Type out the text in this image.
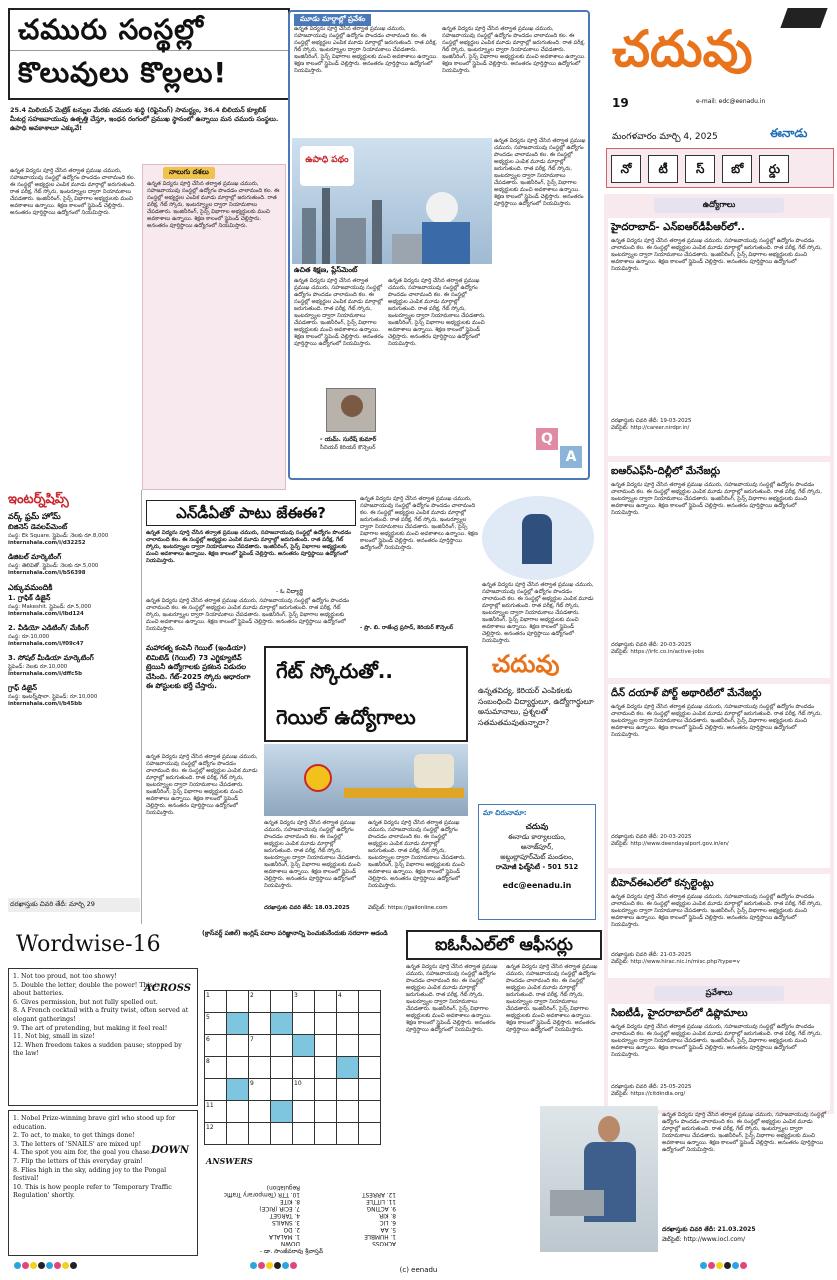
చమురు సంస్థల్లో
కొలువులు కొల్లలు!
25.4 మిలియన్ మెట్రిక్ టన్నుల మేరకు చమురు శుద్ధి (రిఫైనింగ్) సామర్థ్యం, 36.4 బిలియన్ క్యూబిక్ మీటర్ల సహజవాయువు ఉత్పత్తి చేస్తూ, ఇంధన రంగంలో ప్రముఖ స్థానంలో ఉన్నాయి మన చమురు సంస్థలు. ఉపాధి అవకాశాలూ ఎక్కువే!
ఉన్నత విద్యను పూర్తి చేసిన తర్వాత ప్రముఖ చమురు, సహజవాయువు సంస్థల్లో ఉద్యోగం పొందడం చాలామంది కల. ఈ సంస్థల్లో అభ్యర్థుల ఎంపిక మూడు మార్గాల్లో జరుగుతుంది. రాత పరీక్ష, గేట్ స్కోరు, ఇంటర్వ్యూల ద్వారా నియామకాలు చేపడతారు. ఇంజినీరింగ్, సైన్స్ విభాగాల అభ్యర్థులకు మంచి అవకాశాలు ఉన్నాయి. శిక్షణ కాలంలో స్టైపెండ్ చెల్లిస్తారు. అనంతరం పూర్తిస్థాయి ఉద్యోగంలో నియమిస్తారు.
నాలుగు దశలు
ఉన్నత విద్యను పూర్తి చేసిన తర్వాత ప్రముఖ చమురు, సహజవాయువు సంస్థల్లో ఉద్యోగం పొందడం చాలామంది కల. ఈ సంస్థల్లో అభ్యర్థుల ఎంపిక మూడు మార్గాల్లో జరుగుతుంది. రాత పరీక్ష, గేట్ స్కోరు, ఇంటర్వ్యూల ద్వారా నియామకాలు చేపడతారు. ఇంజినీరింగ్, సైన్స్ విభాగాల అభ్యర్థులకు మంచి అవకాశాలు ఉన్నాయి. శిక్షణ కాలంలో స్టైపెండ్ చెల్లిస్తారు. అనంతరం పూర్తిస్థాయి ఉద్యోగంలో నియమిస్తారు.
మూడు మార్గాల్లో ప్రవేశం
ఉన్నత విద్యను పూర్తి చేసిన తర్వాత ప్రముఖ చమురు, సహజవాయువు సంస్థల్లో ఉద్యోగం పొందడం చాలామంది కల. ఈ సంస్థల్లో అభ్యర్థుల ఎంపిక మూడు మార్గాల్లో జరుగుతుంది. రాత పరీక్ష, గేట్ స్కోరు, ఇంటర్వ్యూల ద్వారా నియామకాలు చేపడతారు. ఇంజినీరింగ్, సైన్స్ విభాగాల అభ్యర్థులకు మంచి అవకాశాలు ఉన్నాయి. శిక్షణ కాలంలో స్టైపెండ్ చెల్లిస్తారు. అనంతరం పూర్తిస్థాయి ఉద్యోగంలో నియమిస్తారు.
ఉన్నత విద్యను పూర్తి చేసిన తర్వాత ప్రముఖ చమురు, సహజవాయువు సంస్థల్లో ఉద్యోగం పొందడం చాలామంది కల. ఈ సంస్థల్లో అభ్యర్థుల ఎంపిక మూడు మార్గాల్లో జరుగుతుంది. రాత పరీక్ష, గేట్ స్కోరు, ఇంటర్వ్యూల ద్వారా నియామకాలు చేపడతారు. ఇంజినీరింగ్, సైన్స్ విభాగాల అభ్యర్థులకు మంచి అవకాశాలు ఉన్నాయి. శిక్షణ కాలంలో స్టైపెండ్ చెల్లిస్తారు. అనంతరం పూర్తిస్థాయి ఉద్యోగంలో నియమిస్తారు.
ఉపాధి పథం
ఉచిత శిక్షణ, ప్లేస్‌మెంట్
ఉన్నత విద్యను పూర్తి చేసిన తర్వాత ప్రముఖ చమురు, సహజవాయువు సంస్థల్లో ఉద్యోగం పొందడం చాలామంది కల. ఈ సంస్థల్లో అభ్యర్థుల ఎంపిక మూడు మార్గాల్లో జరుగుతుంది. రాత పరీక్ష, గేట్ స్కోరు, ఇంటర్వ్యూల ద్వారా నియామకాలు చేపడతారు. ఇంజినీరింగ్, సైన్స్ విభాగాల అభ్యర్థులకు మంచి అవకాశాలు ఉన్నాయి. శిక్షణ కాలంలో స్టైపెండ్ చెల్లిస్తారు. అనంతరం పూర్తిస్థాయి ఉద్యోగంలో నియమిస్తారు.
- యమ్. సురేష్ కుమార్
సీనియర్ కెరియర్ కౌన్సెలర్
ఉన్నత విద్యను పూర్తి చేసిన తర్వాత ప్రముఖ చమురు, సహజవాయువు సంస్థల్లో ఉద్యోగం పొందడం చాలామంది కల. ఈ సంస్థల్లో అభ్యర్థుల ఎంపిక మూడు మార్గాల్లో జరుగుతుంది. రాత పరీక్ష, గేట్ స్కోరు, ఇంటర్వ్యూల ద్వారా నియామకాలు చేపడతారు. ఇంజినీరింగ్, సైన్స్ విభాగాల అభ్యర్థులకు మంచి అవకాశాలు ఉన్నాయి. శిక్షణ కాలంలో స్టైపెండ్ చెల్లిస్తారు. అనంతరం పూర్తిస్థాయి ఉద్యోగంలో నియమిస్తారు.
ఉన్నత విద్యను పూర్తి చేసిన తర్వాత ప్రముఖ చమురు, సహజవాయువు సంస్థల్లో ఉద్యోగం పొందడం చాలామంది కల. ఈ సంస్థల్లో అభ్యర్థుల ఎంపిక మూడు మార్గాల్లో జరుగుతుంది. రాత పరీక్ష, గేట్ స్కోరు, ఇంటర్వ్యూల ద్వారా నియామకాలు చేపడతారు. ఇంజినీరింగ్, సైన్స్ విభాగాల అభ్యర్థులకు మంచి అవకాశాలు ఉన్నాయి. శిక్షణ కాలంలో స్టైపెండ్ చెల్లిస్తారు. అనంతరం పూర్తిస్థాయి ఉద్యోగంలో నియమిస్తారు.
Q
A
చదువు
19	e-mail: edc@eenadu.in
మంగళవారం మార్చి 4, 2025	ఈనాడు
నో టీ స్ బో ర్డు
ఉద్యోగాలు
హైదరాబాద్- ఎన్‌ఐఆర్‌డీపీఆర్‌లో..
ఉన్నత విద్యను పూర్తి చేసిన తర్వాత ప్రముఖ చమురు, సహజవాయువు సంస్థల్లో ఉద్యోగం పొందడం చాలామంది కల. ఈ సంస్థల్లో అభ్యర్థుల ఎంపిక మూడు మార్గాల్లో జరుగుతుంది. రాత పరీక్ష, గేట్ స్కోరు, ఇంటర్వ్యూల ద్వారా నియామకాలు చేపడతారు. ఇంజినీరింగ్, సైన్స్ విభాగాల అభ్యర్థులకు మంచి అవకాశాలు ఉన్నాయి. శిక్షణ కాలంలో స్టైపెండ్ చెల్లిస్తారు. అనంతరం పూర్తిస్థాయి ఉద్యోగంలో నియమిస్తారు.
దరఖాస్తుకు చివరి తేదీ: 19-03-2025
వెబ్‌సైట్: http://career.nirdpr.in/
ఐఆర్‌ఎఫ్‌సీ-దిల్లీలో మేనేజర్లు
ఉన్నత విద్యను పూర్తి చేసిన తర్వాత ప్రముఖ చమురు, సహజవాయువు సంస్థల్లో ఉద్యోగం పొందడం చాలామంది కల. ఈ సంస్థల్లో అభ్యర్థుల ఎంపిక మూడు మార్గాల్లో జరుగుతుంది. రాత పరీక్ష, గేట్ స్కోరు, ఇంటర్వ్యూల ద్వారా నియామకాలు చేపడతారు. ఇంజినీరింగ్, సైన్స్ విభాగాల అభ్యర్థులకు మంచి అవకాశాలు ఉన్నాయి. శిక్షణ కాలంలో స్టైపెండ్ చెల్లిస్తారు. అనంతరం పూర్తిస్థాయి ఉద్యోగంలో నియమిస్తారు.
దరఖాస్తుకు చివరి తేదీ: 20-03-2025
వెబ్‌సైట్: https://irfc.co.in/active-jobs
దీన్ దయాళ్ పోర్ట్ అథారిటీలో మేనేజర్లు
ఉన్నత విద్యను పూర్తి చేసిన తర్వాత ప్రముఖ చమురు, సహజవాయువు సంస్థల్లో ఉద్యోగం పొందడం చాలామంది కల. ఈ సంస్థల్లో అభ్యర్థుల ఎంపిక మూడు మార్గాల్లో జరుగుతుంది. రాత పరీక్ష, గేట్ స్కోరు, ఇంటర్వ్యూల ద్వారా నియామకాలు చేపడతారు. ఇంజినీరింగ్, సైన్స్ విభాగాల అభ్యర్థులకు మంచి అవకాశాలు ఉన్నాయి. శిక్షణ కాలంలో స్టైపెండ్ చెల్లిస్తారు. అనంతరం పూర్తిస్థాయి ఉద్యోగంలో నియమిస్తారు.
దరఖాస్తుకు చివరి తేదీ: 20-03-2025
వెబ్‌సైట్: http://www.deendayalport.gov.in/en/
బీహెచ్‌ఈఎల్‌లో కన్సల్టెంట్లు
ఉన్నత విద్యను పూర్తి చేసిన తర్వాత ప్రముఖ చమురు, సహజవాయువు సంస్థల్లో ఉద్యోగం పొందడం చాలామంది కల. ఈ సంస్థల్లో అభ్యర్థుల ఎంపిక మూడు మార్గాల్లో జరుగుతుంది. రాత పరీక్ష, గేట్ స్కోరు, ఇంటర్వ్యూల ద్వారా నియామకాలు చేపడతారు. ఇంజినీరింగ్, సైన్స్ విభాగాల అభ్యర్థులకు మంచి అవకాశాలు ఉన్నాయి. శిక్షణ కాలంలో స్టైపెండ్ చెల్లిస్తారు. అనంతరం పూర్తిస్థాయి ఉద్యోగంలో నియమిస్తారు.
దరఖాస్తుకు చివరి తేదీ: 21-03-2025
వెబ్‌సైట్: http://www.hirac.nic.in/misc.php?type=v
ప్రవేశాలు
సిఐటీడీ, హైదరాబాద్‌లో డిప్లొమాలు
ఉన్నత విద్యను పూర్తి చేసిన తర్వాత ప్రముఖ చమురు, సహజవాయువు సంస్థల్లో ఉద్యోగం పొందడం చాలామంది కల. ఈ సంస్థల్లో అభ్యర్థుల ఎంపిక మూడు మార్గాల్లో జరుగుతుంది. రాత పరీక్ష, గేట్ స్కోరు, ఇంటర్వ్యూల ద్వారా నియామకాలు చేపడతారు. ఇంజినీరింగ్, సైన్స్ విభాగాల అభ్యర్థులకు మంచి అవకాశాలు ఉన్నాయి. శిక్షణ కాలంలో స్టైపెండ్ చెల్లిస్తారు. అనంతరం పూర్తిస్థాయి ఉద్యోగంలో నియమిస్తారు.
దరఖాస్తుకు చివరి తేదీ: 25-05-2025
వెబ్‌సైట్: https://citdindia.org/
ఇంటర్న్‌షిప్స్
వర్క్ ఫ్రమ్ హోమ్
బిజినెస్ డెవలప్‌మెంట్
సంస్థ: Ek Square. స్టైపెండ్: నెలకు రూ.8,000
internshala.com/i/d32252
డిజిటల్ మార్కెటింగ్
సంస్థ: తెలివితో. స్టైపెండ్: నెలకు రూ.5,000
internshala.com/i/b56398
ఎక్కువమందికి
1. గ్రాఫిక్ డిజైన్
సంస్థ: Makeshit. స్టైపెండ్: రూ.5,000
internshala.com/i/lbd124
2. వీడియో ఎడిటింగ్/ మేకింగ్
సంస్థ: రూ.10,000
internshala.com/i/f09c47
3. సోషల్ మీడియా మార్కెటింగ్
స్టైపెండ్: నెలకు రూ.10,000
internshala.com/i/dffc5b
గ్రాఫ్ డిజైన్
సంస్థ: ఇంటర్న్‌షాలా. స్టైపెండ్: రూ.10,000
internshala.com/i/b45bb
దరఖాస్తుకు చివరి తేదీ: మార్చి 29
ఎన్‌డీఏతో పాటు జేఈఈ?
ఉన్నత విద్యను పూర్తి చేసిన తర్వాత ప్రముఖ చమురు, సహజవాయువు సంస్థల్లో ఉద్యోగం పొందడం చాలామంది కల. ఈ సంస్థల్లో అభ్యర్థుల ఎంపిక మూడు మార్గాల్లో జరుగుతుంది. రాత పరీక్ష, గేట్ స్కోరు, ఇంటర్వ్యూల ద్వారా నియామకాలు చేపడతారు. ఇంజినీరింగ్, సైన్స్ విభాగాల అభ్యర్థులకు మంచి అవకాశాలు ఉన్నాయి. శిక్షణ కాలంలో స్టైపెండ్ చెల్లిస్తారు. అనంతరం పూర్తిస్థాయి ఉద్యోగంలో నియమిస్తారు.
- ఓ విద్యార్థి
ఉన్నత విద్యను పూర్తి చేసిన తర్వాత ప్రముఖ చమురు, సహజవాయువు సంస్థల్లో ఉద్యోగం పొందడం చాలామంది కల. ఈ సంస్థల్లో అభ్యర్థుల ఎంపిక మూడు మార్గాల్లో జరుగుతుంది. రాత పరీక్ష, గేట్ స్కోరు, ఇంటర్వ్యూల ద్వారా నియామకాలు చేపడతారు. ఇంజినీరింగ్, సైన్స్ విభాగాల అభ్యర్థులకు మంచి అవకాశాలు ఉన్నాయి. శిక్షణ కాలంలో స్టైపెండ్ చెల్లిస్తారు. అనంతరం పూర్తిస్థాయి ఉద్యోగంలో నియమిస్తారు.
ఉన్నత విద్యను పూర్తి చేసిన తర్వాత ప్రముఖ చమురు, సహజవాయువు సంస్థల్లో ఉద్యోగం పొందడం చాలామంది కల. ఈ సంస్థల్లో అభ్యర్థుల ఎంపిక మూడు మార్గాల్లో జరుగుతుంది. రాత పరీక్ష, గేట్ స్కోరు, ఇంటర్వ్యూల ద్వారా నియామకాలు చేపడతారు. ఇంజినీరింగ్, సైన్స్ విభాగాల అభ్యర్థులకు మంచి అవకాశాలు ఉన్నాయి. శిక్షణ కాలంలో స్టైపెండ్ చెల్లిస్తారు. అనంతరం పూర్తిస్థాయి ఉద్యోగంలో నియమిస్తారు.
ఉన్నత విద్యను పూర్తి చేసిన తర్వాత ప్రముఖ చమురు, సహజవాయువు సంస్థల్లో ఉద్యోగం పొందడం చాలామంది కల. ఈ సంస్థల్లో అభ్యర్థుల ఎంపిక మూడు మార్గాల్లో జరుగుతుంది. రాత పరీక్ష, గేట్ స్కోరు, ఇంటర్వ్యూల ద్వారా నియామకాలు చేపడతారు. ఇంజినీరింగ్, సైన్స్ విభాగాల అభ్యర్థులకు మంచి అవకాశాలు ఉన్నాయి. శిక్షణ కాలంలో స్టైపెండ్ చెల్లిస్తారు. అనంతరం పూర్తిస్థాయి ఉద్యోగంలో నియమిస్తారు.
- ప్రొ. బి. రాజేంద్ర ప్రసాద్, కెరియర్ కౌన్సెలర్
మహారత్న కంపెనీ గెయిల్ (ఇండియా) లిమిటెడ్ (గెయిల్) 73 ఎగ్జిక్యూటివ్ ట్రెయినీ ఉద్యోగాలకు ప్రకటన విడుదల చేసింది. గేట్-2025 స్కోరు ఆధారంగా ఈ పోస్టులకు భర్తీ చేస్తారు.
గేట్ స్కోరుతో..
గెయిల్ ఉద్యోగాలు
ఉన్నత విద్యను పూర్తి చేసిన తర్వాత ప్రముఖ చమురు, సహజవాయువు సంస్థల్లో ఉద్యోగం పొందడం చాలామంది కల. ఈ సంస్థల్లో అభ్యర్థుల ఎంపిక మూడు మార్గాల్లో జరుగుతుంది. రాత పరీక్ష, గేట్ స్కోరు, ఇంటర్వ్యూల ద్వారా నియామకాలు చేపడతారు. ఇంజినీరింగ్, సైన్స్ విభాగాల అభ్యర్థులకు మంచి అవకాశాలు ఉన్నాయి. శిక్షణ కాలంలో స్టైపెండ్ చెల్లిస్తారు. అనంతరం పూర్తిస్థాయి ఉద్యోగంలో నియమిస్తారు.
ఉన్నత విద్యను పూర్తి చేసిన తర్వాత ప్రముఖ చమురు, సహజవాయువు సంస్థల్లో ఉద్యోగం పొందడం చాలామంది కల. ఈ సంస్థల్లో అభ్యర్థుల ఎంపిక మూడు మార్గాల్లో జరుగుతుంది. రాత పరీక్ష, గేట్ స్కోరు, ఇంటర్వ్యూల ద్వారా నియామకాలు చేపడతారు. ఇంజినీరింగ్, సైన్స్ విభాగాల అభ్యర్థులకు మంచి అవకాశాలు ఉన్నాయి. శిక్షణ కాలంలో స్టైపెండ్ చెల్లిస్తారు. అనంతరం పూర్తిస్థాయి ఉద్యోగంలో నియమిస్తారు.
ఉన్నత విద్యను పూర్తి చేసిన తర్వాత ప్రముఖ చమురు, సహజవాయువు సంస్థల్లో ఉద్యోగం పొందడం చాలామంది కల. ఈ సంస్థల్లో అభ్యర్థుల ఎంపిక మూడు మార్గాల్లో జరుగుతుంది. రాత పరీక్ష, గేట్ స్కోరు, ఇంటర్వ్యూల ద్వారా నియామకాలు చేపడతారు. ఇంజినీరింగ్, సైన్స్ విభాగాల అభ్యర్థులకు మంచి అవకాశాలు ఉన్నాయి. శిక్షణ కాలంలో స్టైపెండ్ చెల్లిస్తారు. అనంతరం పూర్తిస్థాయి ఉద్యోగంలో నియమిస్తారు.
దరఖాస్తుకు చివరి తేదీ: 18.03.2025	వెబ్‌సైట్: https://gailonline.com
చదువు
ఉన్నతవిద్య, కెరియర్ ఎంపికలకు సంబంధించి విద్యార్థులూ, ఉద్యోగార్థులూ అనుమానాలు, ప్రశ్నలతో సతమతమవుతున్నారా?
మా చిరునామా:
చదువు
ఈనాడు కార్యాలయం,
అనాజ్‌పూర్,
అబ్దుల్లాపూర్‌మెట్ మండలం,
రామోజీ ఫిల్మ్‌సిటీ - 501 512
edc@eenadu.in
Wordwise-16	(క్రాస్‌వర్డ్ పజిల్) ఇంగ్లిష్ పదాల పరిజ్ఞానాన్ని పెంచుకునేందుకు సరదాగా ఆడండి
ACROSS
1. Not too proud, not too showy!
5. Double the letter, double the power! This is about batteries.
6. Gives permission, but not fully spelled out.
8. A French cocktail with a fruity twist, often served at elegant gatherings!
9. The art of pretending, but making it feel real!
11. Not big, small in size!
12. When freedom takes a sudden pause; stopped by the law!
DOWN
1. Nobel Prize-winning brave girl who stood up for education.
2. To act, to make, to get things done!
3. The letters of 'SNAILS' are mixed up!
4. The spot you aim for, the goal you chase.
7. Flip the letters of this everyday grain!
8. Flies high in the sky, adding joy to the Pongal festival!
10. This is how people refer to 'Temporary Traffic Regulation' shortly.
1		2		3		4	
5							
6		7					
8							
		9		10			
11							
12							
ANSWERS
ACROSS
1. HUMBLE
5. AA
6. LIC
8. KIR
9. ACTING
11. LITTLE
12. ARREST
DOWN
1. MALALA
2. DO
3. SNAILS
4. TARGET
7. ECIR (RICE)
8. KITE
10. TTR (Temporary Traffic Regulation)
- డా. సాంజీవరావు శ్రీవాస్తవ్
ఐఓసీఎల్‌లో ఆఫీసర్లు
ఉన్నత విద్యను పూర్తి చేసిన తర్వాత ప్రముఖ చమురు, సహజవాయువు సంస్థల్లో ఉద్యోగం పొందడం చాలామంది కల. ఈ సంస్థల్లో అభ్యర్థుల ఎంపిక మూడు మార్గాల్లో జరుగుతుంది. రాత పరీక్ష, గేట్ స్కోరు, ఇంటర్వ్యూల ద్వారా నియామకాలు చేపడతారు. ఇంజినీరింగ్, సైన్స్ విభాగాల అభ్యర్థులకు మంచి అవకాశాలు ఉన్నాయి. శిక్షణ కాలంలో స్టైపెండ్ చెల్లిస్తారు. అనంతరం పూర్తిస్థాయి ఉద్యోగంలో నియమిస్తారు.
ఉన్నత విద్యను పూర్తి చేసిన తర్వాత ప్రముఖ చమురు, సహజవాయువు సంస్థల్లో ఉద్యోగం పొందడం చాలామంది కల. ఈ సంస్థల్లో అభ్యర్థుల ఎంపిక మూడు మార్గాల్లో జరుగుతుంది. రాత పరీక్ష, గేట్ స్కోరు, ఇంటర్వ్యూల ద్వారా నియామకాలు చేపడతారు. ఇంజినీరింగ్, సైన్స్ విభాగాల అభ్యర్థులకు మంచి అవకాశాలు ఉన్నాయి. శిక్షణ కాలంలో స్టైపెండ్ చెల్లిస్తారు. అనంతరం పూర్తిస్థాయి ఉద్యోగంలో నియమిస్తారు.
ఉన్నత విద్యను పూర్తి చేసిన తర్వాత ప్రముఖ చమురు, సహజవాయువు సంస్థల్లో ఉద్యోగం పొందడం చాలామంది కల. ఈ సంస్థల్లో అభ్యర్థుల ఎంపిక మూడు మార్గాల్లో జరుగుతుంది. రాత పరీక్ష, గేట్ స్కోరు, ఇంటర్వ్యూల ద్వారా నియామకాలు చేపడతారు. ఇంజినీరింగ్, సైన్స్ విభాగాల అభ్యర్థులకు మంచి అవకాశాలు ఉన్నాయి. శిక్షణ కాలంలో స్టైపెండ్ చెల్లిస్తారు. అనంతరం పూర్తిస్థాయి ఉద్యోగంలో నియమిస్తారు.
దరఖాస్తుకు చివరి తేదీ: 21.03.2025
వెబ్‌సైట్: http://www.iocl.com/
(c) eenadu
